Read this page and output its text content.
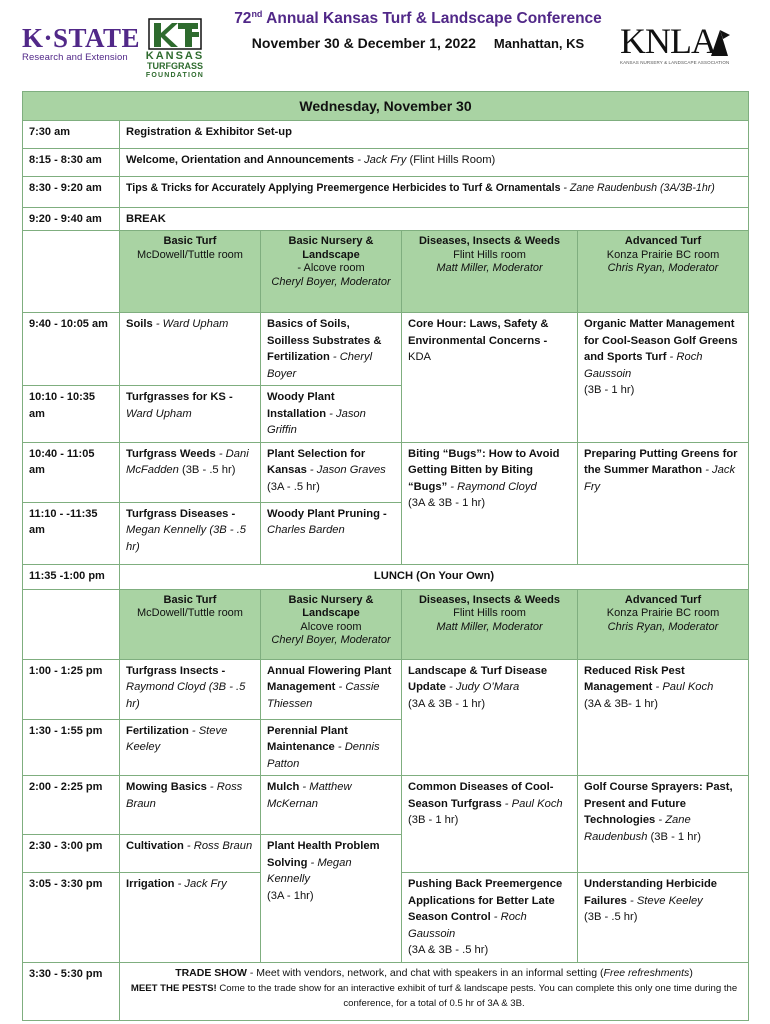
K·STATE
Research and Extension	KANSAS
TURFGRASS
FOUNDATION
72nd Annual Kansas Turf & Landscape Conference
November 30 & December 1, 2022 Manhattan, KS KNLA
KANSAS NURSERY & LANDSCAPE ASSOCIATION
Wednesday, November 30				
7:30 am	Registration & Exhibitor Set-up			
8:15 - 8:30 am	Welcome, Orientation and Announcements - Jack Fry (Flint Hills Room)			
8:30 - 9:20 am	Tips & Tricks for Accurately Applying Preemergence Herbicides to Turf & Ornamentals - Zane Raudenbush (3A/3B-1hr)			
9:20 - 9:40 am	BREAK			

	Basic Turf
McDowell/Tuttle room	Basic Nursery & Landscape
- Alcove room
Cheryl Boyer, Moderator	Diseases, Insects & Weeds
Flint Hills room
Matt Miller, Moderator	Advanced Turf
Konza Prairie BC room
Chris Ryan, Moderator

9:40 - 10:05 am	Soils - Ward Upham	Basics of Soils, Soilless Substrates & Fertilization - Cheryl Boyer	Core Hour: Laws, Safety & Environmental Concerns -
KDA	Organic Matter Management for Cool-Season Golf Greens and Sports Turf - Roch Gaussoin
(3B - 1 hr)
10:10 - 10:35 am	Turfgrasses for KS -
Ward Upham	Woody Plant Installation - Jason Griffin		
10:40 - 11:05 am	Turfgrass Weeds - Dani McFadden (3B - .5 hr)	Plant Selection for Kansas - Jason Graves
(3A - .5 hr)	Biting “Bugs”: How to Avoid Getting Bitten by Biting “Bugs” - Raymond Cloyd
(3A & 3B - 1 hr)	Preparing Putting Greens for the Summer Marathon - Jack Fry
11:10 - -11:35 am	Turfgrass Diseases -
Megan Kennelly (3B - .5 hr)	Woody Plant Pruning -
Charles Barden		
11:35 -1:00 pm	LUNCH (On Your Own)			

	Basic Turf
McDowell/Tuttle room	Basic Nursery & Landscape
Alcove room
Cheryl Boyer, Moderator	Diseases, Insects & Weeds
Flint Hills room
Matt Miller, Moderator	Advanced Turf
Konza Prairie BC room
Chris Ryan, Moderator

1:00 - 1:25 pm	Turfgrass Insects -
Raymond Cloyd (3B - .5 hr)	Annual Flowering Plant Management - Cassie Thiessen	Landscape & Turf Disease Update - Judy O’Mara
(3A & 3B - 1 hr)	Reduced Risk Pest Management - Paul Koch
(3A & 3B- 1 hr)
1:30 - 1:55 pm	Fertilization - Steve Keeley	Perennial Plant Maintenance - Dennis Patton		
2:00 - 2:25 pm	Mowing Basics - Ross Braun	Mulch - Matthew McKernan	Common Diseases of Cool-Season Turfgrass - Paul Koch
(3B - 1 hr)	Golf Course Sprayers: Past, Present and Future Technologies - Zane Raudenbush (3B - 1 hr)
2:30 - 3:00 pm	Cultivation - Ross Braun	Plant Health Problem Solving - Megan Kennelly
(3A - 1hr)		
3:05 - 3:30 pm	Irrigation - Jack Fry		Pushing Back Preemergence Applications for Better Late Season Control - Roch Gaussoin
(3A & 3B - .5 hr)	Understanding Herbicide Failures - Steve Keeley
(3B - .5 hr)
3:30 - 5:30 pm	TRADE SHOW - Meet with vendors, network, and chat with speakers in an informal setting (Free refreshments)
MEET THE PESTS! Come to the trade show for an interactive exhibit of turf & landscape pests. You can complete this only one time during the conference, for a total of 0.5 hr of 3A & 3B.			
